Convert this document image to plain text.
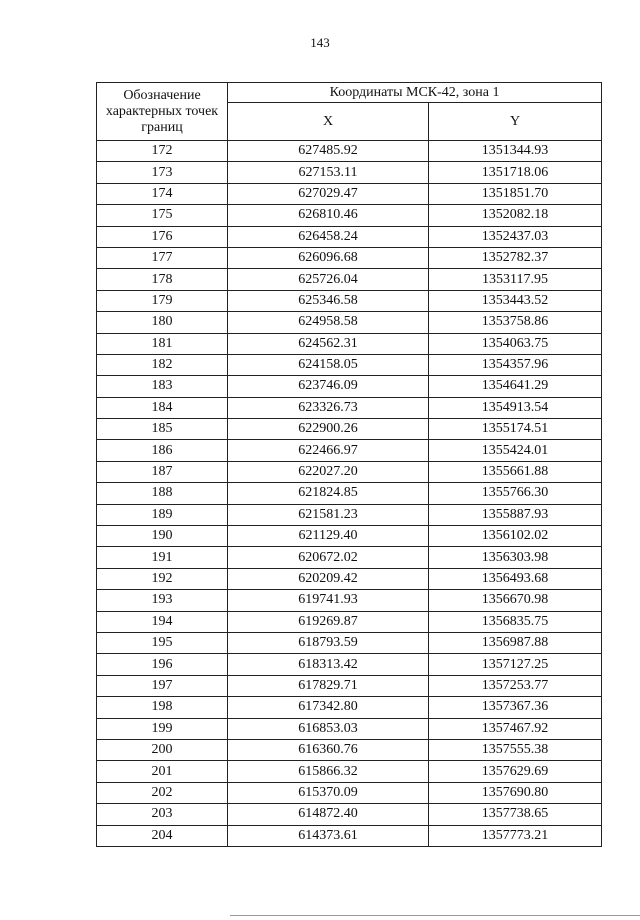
143
Обозначение характерных точек границ	Координаты МСК-42, зона 1	
	X	Y
172	627485.92	1351344.93
173	627153.11	1351718.06
174	627029.47	1351851.70
175	626810.46	1352082.18
176	626458.24	1352437.03
177	626096.68	1352782.37
178	625726.04	1353117.95
179	625346.58	1353443.52
180	624958.58	1353758.86
181	624562.31	1354063.75
182	624158.05	1354357.96
183	623746.09	1354641.29
184	623326.73	1354913.54
185	622900.26	1355174.51
186	622466.97	1355424.01
187	622027.20	1355661.88
188	621824.85	1355766.30
189	621581.23	1355887.93
190	621129.40	1356102.02
191	620672.02	1356303.98
192	620209.42	1356493.68
193	619741.93	1356670.98
194	619269.87	1356835.75
195	618793.59	1356987.88
196	618313.42	1357127.25
197	617829.71	1357253.77
198	617342.80	1357367.36
199	616853.03	1357467.92
200	616360.76	1357555.38
201	615866.32	1357629.69
202	615370.09	1357690.80
203	614872.40	1357738.65
204	614373.61	1357773.21
